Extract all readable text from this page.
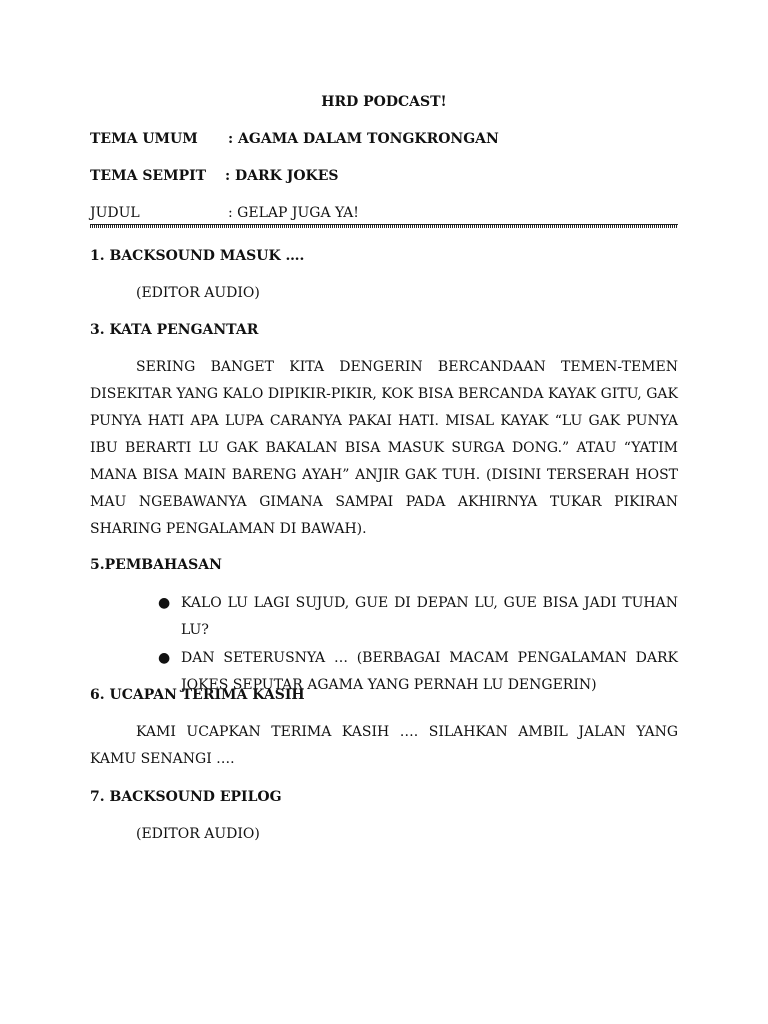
HRD PODCAST!
TEMA UMUM : AGAMA DALAM TONGKRONGAN
TEMA SEMPIT : DARK JOKES
JUDUL	: GELAP JUGA YA!
1. BACKSOUND MASUK ….
(EDITOR AUDIO)
3. KATA PENGANTAR

SERING BANGET KITA DENGERIN BERCANDAAN TEMEN-TEMEN DISEKITAR YANG KALO DIPIKIR-PIKIR, KOK BISA BERCANDA KAYAK GITU, GAK PUNYA HATI APA LUPA CARANYA PAKAI HATI. MISAL KAYAK “LU GAK PUNYA IBU BERARTI LU GAK BAKALAN BISA MASUK SURGA DONG.” ATAU “YATIM MANA BISA MAIN BARENG AYAH” ANJIR GAK TUH. (DISINI TERSERAH HOST MAU NGEBAWANYA GIMANA SAMPAI PADA AKHIRNYA TUKAR PIKIRAN SHARING PENGALAMAN DI BAWAH).

5.PEMBAHASAN
● KALO LU LAGI SUJUD, GUE DI DEPAN LU, GUE BISA JADI TUHAN LU?
● DAN SETERUSNYA … (BERBAGAI MACAM PENGALAMAN DARK JOKES SEPUTAR AGAMA YANG PERNAH LU DENGERIN)
6. UCAPAN TERIMA KASIH

KAMI UCAPKAN TERIMA KASIH …. SILAHKAN AMBIL JALAN YANG KAMU SENANGI ….

7. BACKSOUND EPILOG
(EDITOR AUDIO)
